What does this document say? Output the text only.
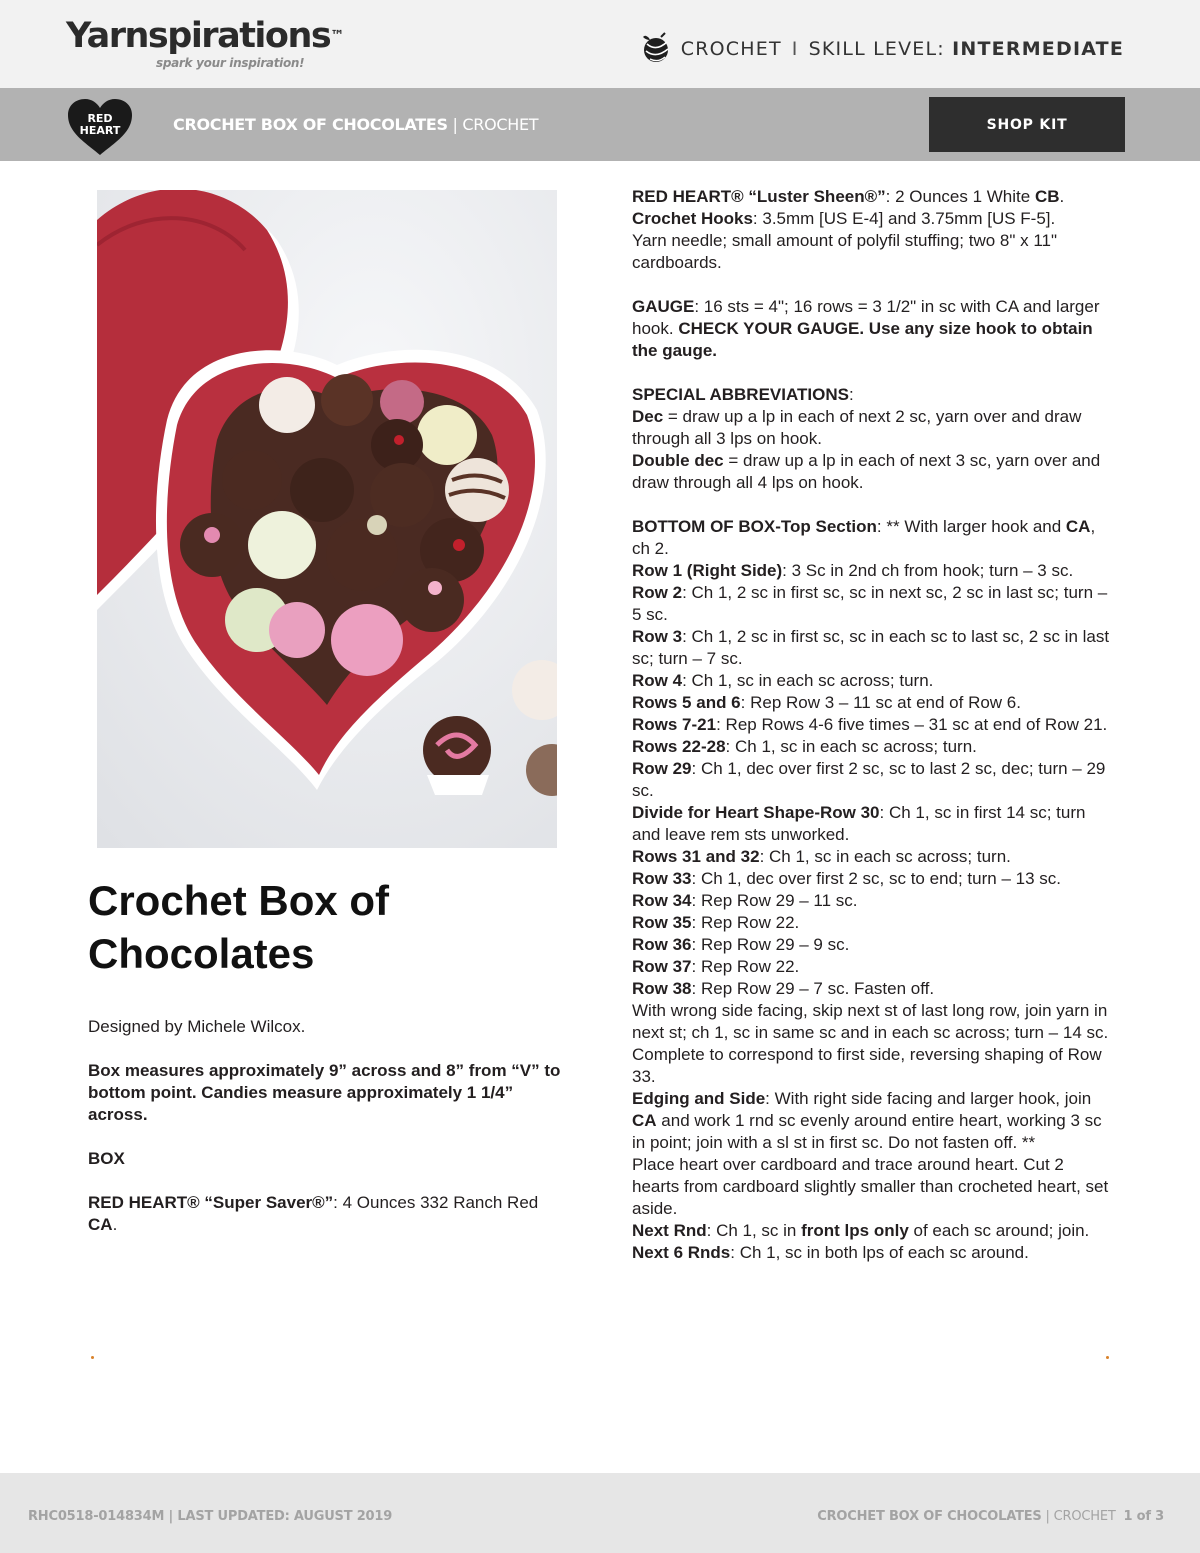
Yarnspirations™
spark your inspiration!
CROCHET I SKILL LEVEL: INTERMEDIATE
RED
HEART	CROCHET BOX OF CHOCOLATES | CROCHET	SHOP KIT
Crochet Box of Chocolates

Designed by Michele Wilcox.

Box measures approximately 9” across and 8” from “V” to bottom point. Candies measure approximately 1 1/4” across.

BOX

RED HEART® “Super Saver®”: 4 Ounces 332 Ranch Red CA.

RED HEART® “Luster Sheen®”: 2 Ounces 1 White CB.

Crochet Hooks: 3.5mm [US E-4] and 3.75mm [US F-5].

Yarn needle; small amount of polyfil stuffing; two 8" x 11" cardboards.

GAUGE: 16 sts = 4"; 16 rows = 3 1/2" in sc with CA and larger hook. CHECK YOUR GAUGE. Use any size hook to obtain the gauge.

SPECIAL ABBREVIATIONS:

Dec = draw up a lp in each of next 2 sc, yarn over and draw through all 3 lps on hook.

Double dec = draw up a lp in each of next 3 sc, yarn over and draw through all 4 lps on hook.

BOTTOM OF BOX-Top Section: ** With larger hook and CA, ch 2.

Row 1 (Right Side): 3 Sc in 2nd ch from hook; turn – 3 sc.

Row 2: Ch 1, 2 sc in first sc, sc in next sc, 2 sc in last sc; turn – 5 sc.

Row 3: Ch 1, 2 sc in first sc, sc in each sc to last sc, 2 sc in last sc; turn – 7 sc.

Row 4: Ch 1, sc in each sc across; turn.

Rows 5 and 6: Rep Row 3 – 11 sc at end of Row 6.

Rows 7-21: Rep Rows 4-6 five times – 31 sc at end of Row 21.

Rows 22-28: Ch 1, sc in each sc across; turn.

Row 29: Ch 1, dec over first 2 sc, sc to last 2 sc, dec; turn – 29 sc.

Divide for Heart Shape-Row 30: Ch 1, sc in first 14 sc; turn and leave rem sts unworked.

Rows 31 and 32: Ch 1, sc in each sc across; turn.

Row 33: Ch 1, dec over first 2 sc, sc to end; turn – 13 sc.

Row 34: Rep Row 29 – 11 sc.

Row 35: Rep Row 22.

Row 36: Rep Row 29 – 9 sc.

Row 37: Rep Row 22.

Row 38: Rep Row 29 – 7 sc. Fasten off.

With wrong side facing, skip next st of last long row, join yarn in next st; ch 1, sc in same sc and in each sc across; turn – 14 sc. Complete to correspond to first side, reversing shaping of Row 33.

Edging and Side: With right side facing and larger hook, join CA and work 1 rnd sc evenly around entire heart, working 3 sc in point; join with a sl st in first sc. Do not fasten off. **

Place heart over cardboard and trace around heart. Cut 2 hearts from cardboard slightly smaller than crocheted heart, set aside.

Next Rnd: Ch 1, sc in front lps only of each sc around; join.

Next 6 Rnds: Ch 1, sc in both lps of each sc around.

RHC0518-014834M | LAST UPDATED: AUGUST 2019	CROCHET BOX OF CHOCOLATES | CROCHET 1 of 3
